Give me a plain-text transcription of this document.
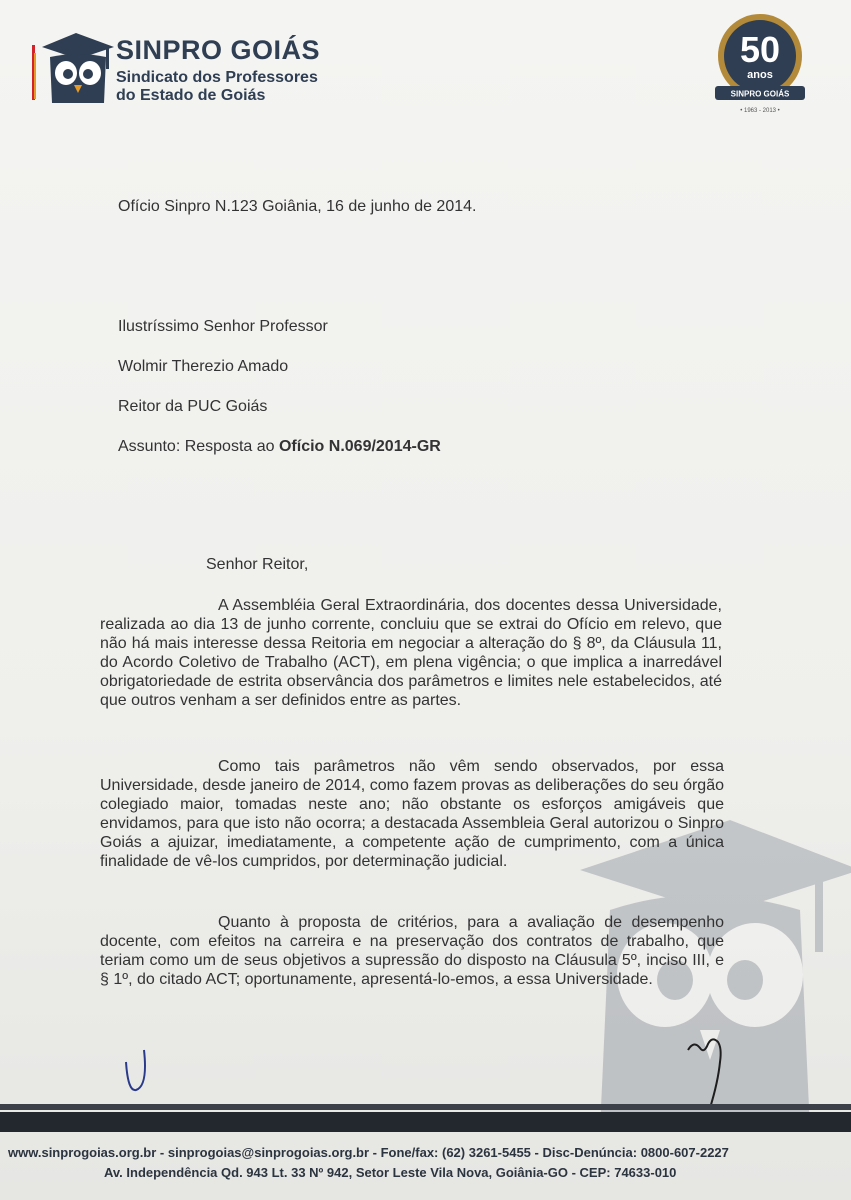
SINPRO GOIÁS
Sindicato dos Professores
do Estado de Goiás
50
anos
SINPRO GOIÁS
• 1963 - 2013 •
Ofício Sinpro N.123 Goiânia, 16 de junho de 2014.
Ilustríssimo Senhor Professor
Wolmir Therezio Amado
Reitor da PUC Goiás
Assunto: Resposta ao Ofício N.069/2014-GR
Senhor Reitor,
A Assembléia Geral Extraordinária, dos docentes dessa Universidade, realizada ao dia 13 de junho corrente, concluiu que se extrai do Ofício em relevo, que não há mais interesse dessa Reitoria em negociar a alteração do § 8º, da Cláusula 11, do Acordo Coletivo de Trabalho (ACT), em plena vigência; o que implica a inarredável obrigatoriedade de estrita observância dos parâmetros e limites nele estabelecidos, até que outros venham a ser definidos entre as partes.
Como tais parâmetros não vêm sendo observados, por essa Universidade, desde janeiro de 2014, como fazem provas as deliberações do seu órgão colegiado maior, tomadas neste ano; não obstante os esforços amigáveis que envidamos, para que isto não ocorra; a destacada Assembleia Geral autorizou o Sinpro Goiás a ajuizar, imediatamente, a competente ação de cumprimento, com a única finalidade de vê-los cumpridos, por determinação judicial.
Quanto à proposta de critérios, para a avaliação de desempenho docente, com efeitos na carreira e na preservação dos contratos de trabalho, que teriam como um de seus objetivos a supressão do disposto na Cláusula 5º, inciso III, e § 1º, do citado ACT; oportunamente, apresentá-lo-emos, a essa Universidade.
www.sinprogoias.org.br - sinprogoias@sinprogoias.org.br - Fone/fax: (62) 3261-5455 - Disc-Denúncia: 0800-607-2227
Av. Independência Qd. 943 Lt. 33 Nº 942, Setor Leste Vila Nova, Goiânia-GO - CEP: 74633-010
